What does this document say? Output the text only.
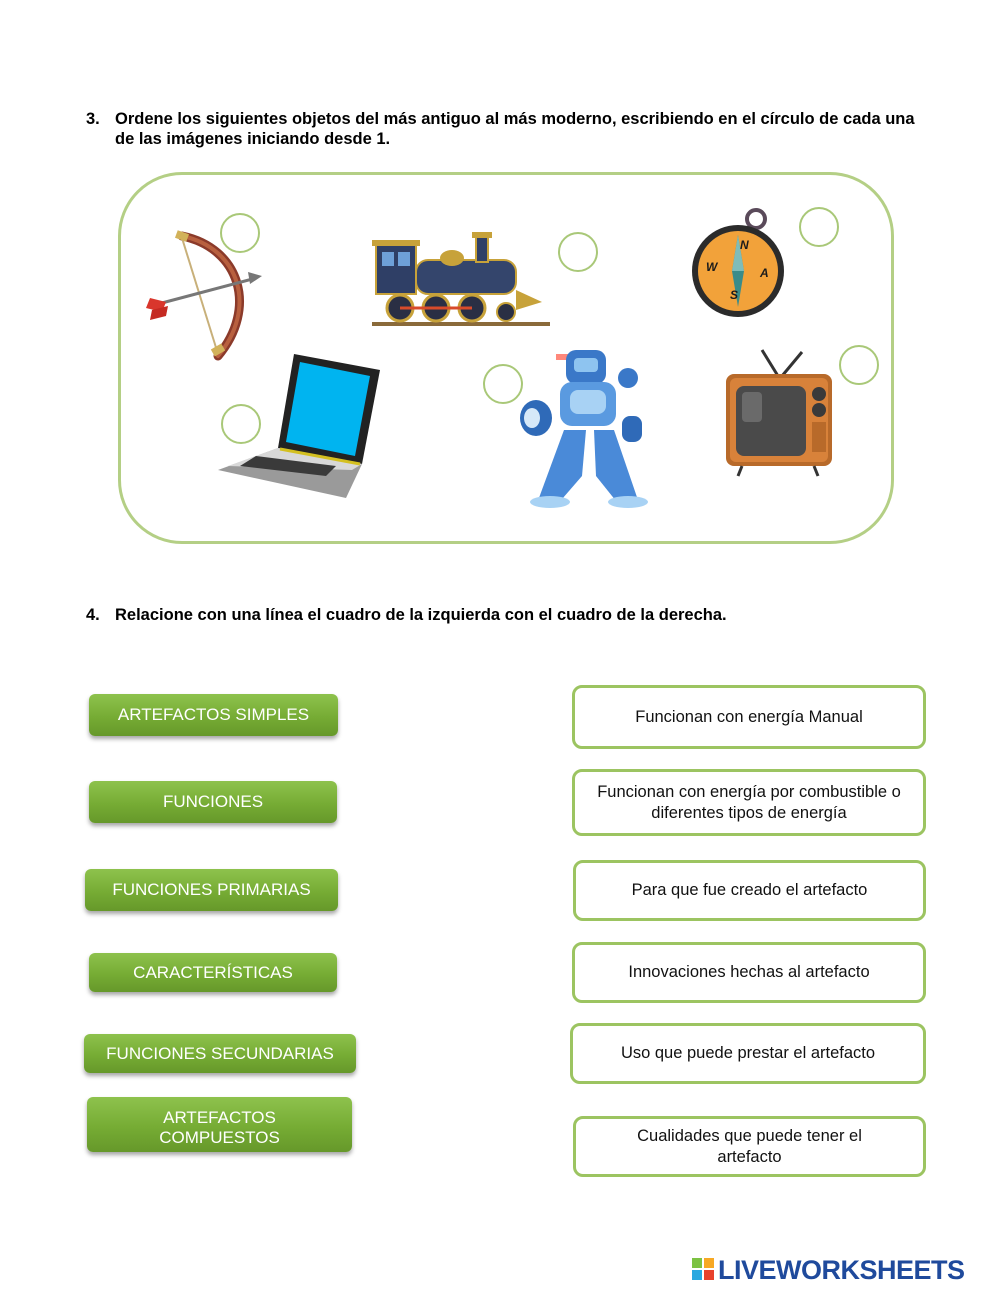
3. Ordene los siguientes objetos del más antiguo al más moderno, escribiendo en el círculo de cada una de las imágenes iniciando desde 1.
N
S
W	A
4. Relacione con una línea el cuadro de la izquierda con el cuadro de la derecha.
ARTEFACTOS SIMPLES
FUNCIONES
FUNCIONES PRIMARIAS
CARACTERÍSTICAS
FUNCIONES SECUNDARIAS
ARTEFACTOS COMPUESTOS
Funcionan con energía Manual
Funcionan con energía por combustible o diferentes tipos de energía
Para que fue creado el artefacto
Innovaciones hechas al artefacto
Uso que puede prestar el artefacto
Cualidades que puede tener el artefacto
LIVEWORKSHEETS
